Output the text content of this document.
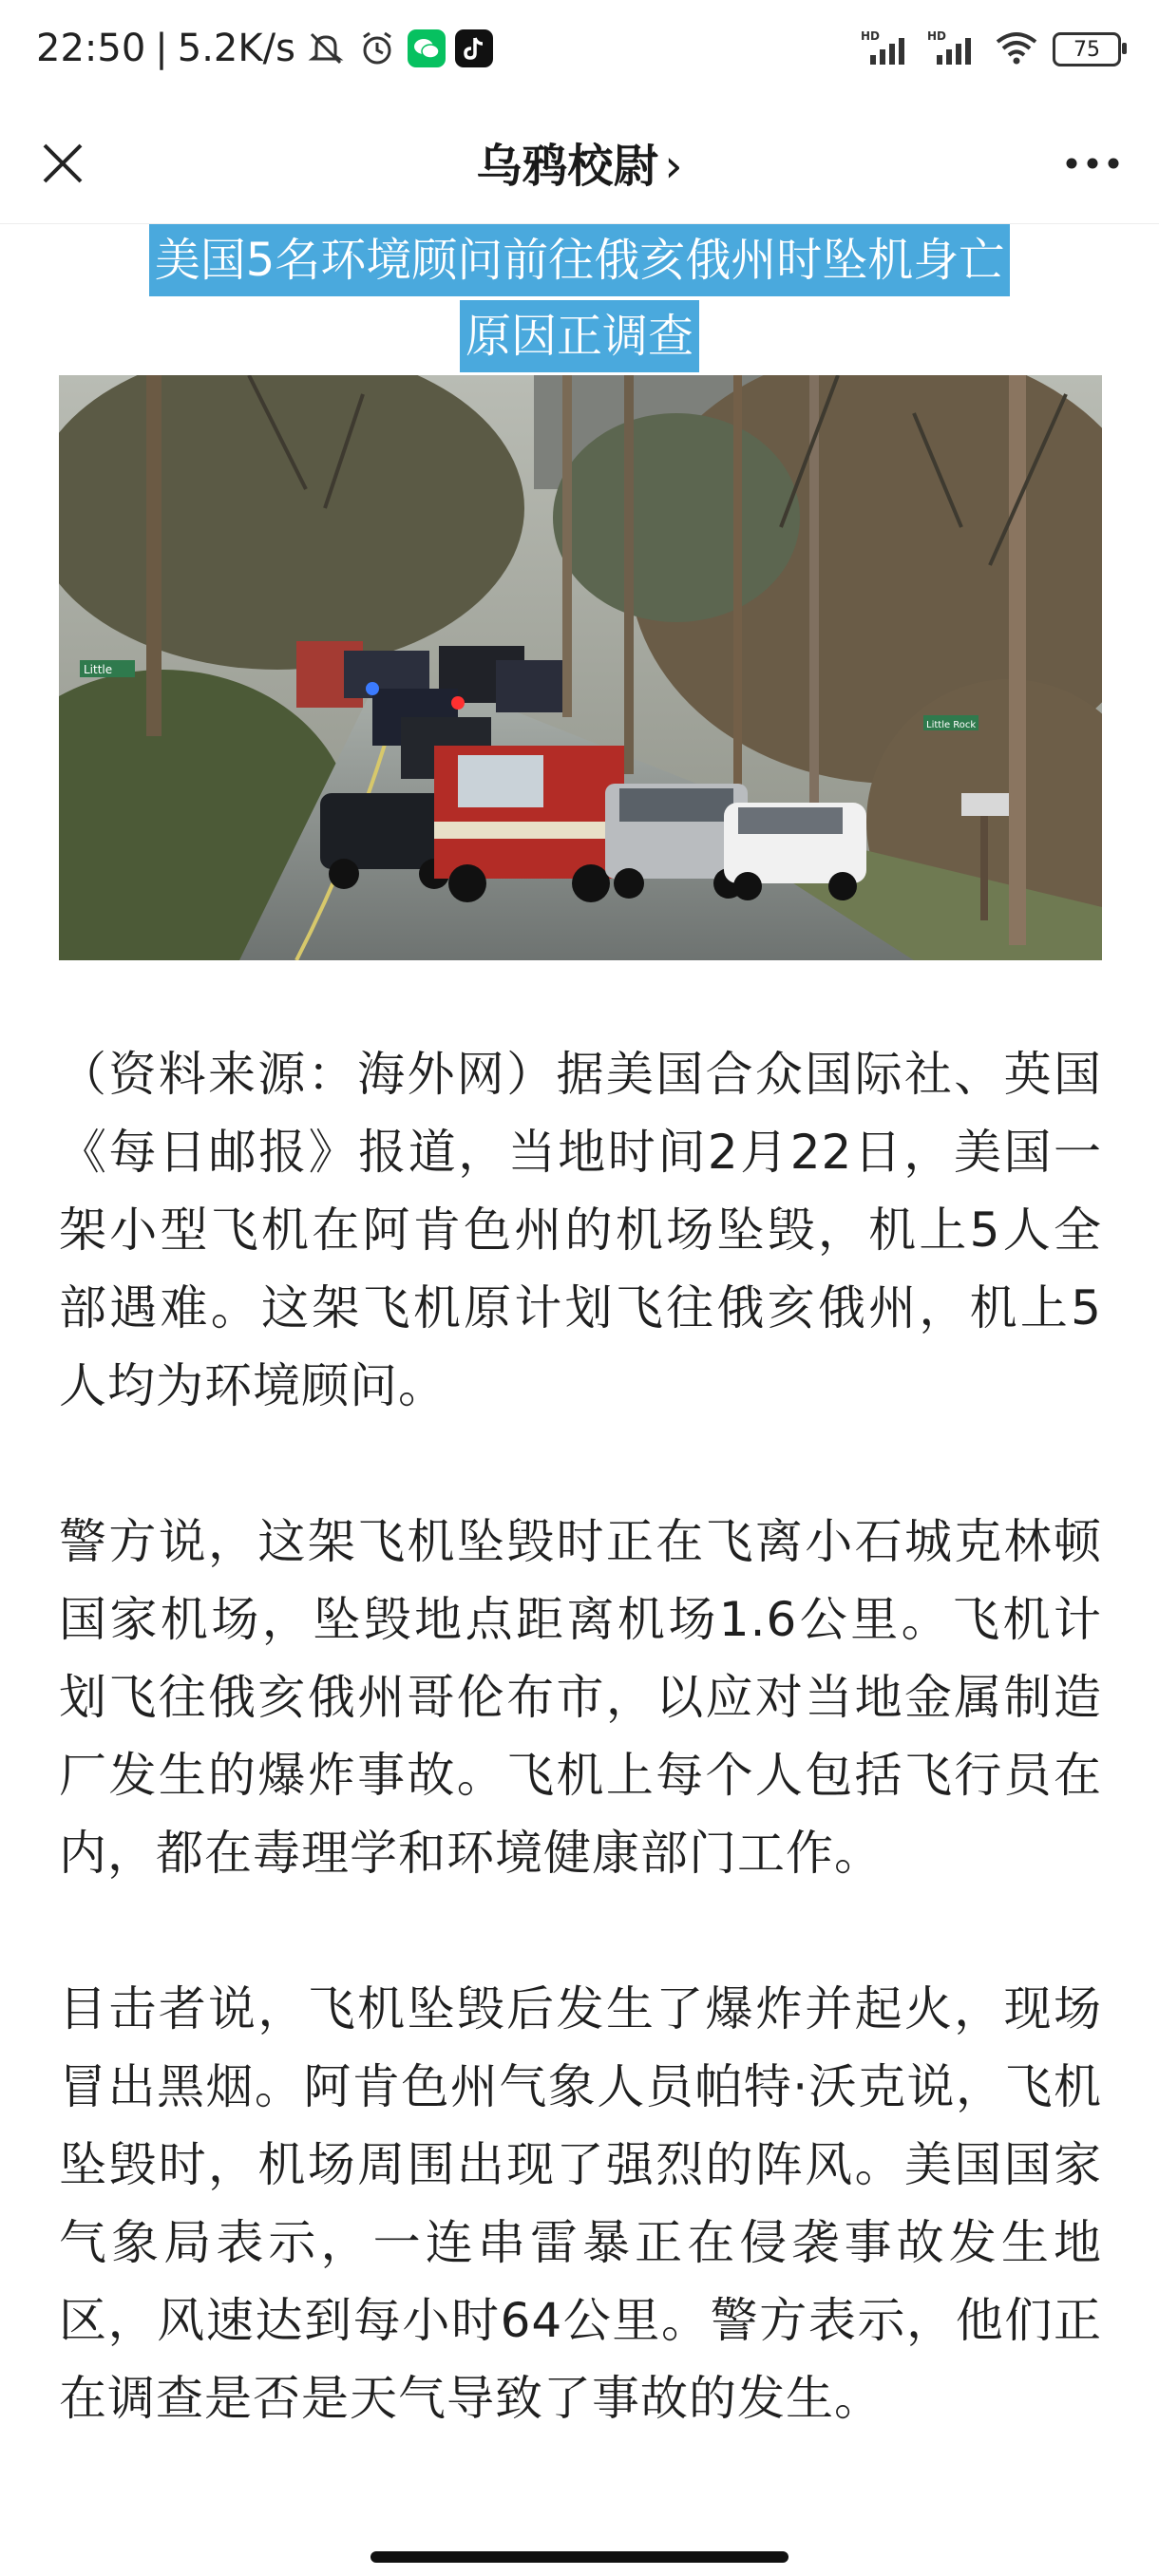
22:50 | 5.2K/s	HD	HD
75
乌鸦校尉 ›
美国5名环境顾问前往俄亥俄州时坠机身亡
原因正调查
Little
Little Rock

（资料来源：海外网）据美国合众国际社、英国《每日邮报》报道，当地时间2月22日，美国一架小型飞机在阿肯色州的机场坠毁，机上5人全部遇难。这架飞机原计划飞往俄亥俄州，机上5人均为环境顾问。

警方说，这架飞机坠毁时正在飞离小石城克林顿国家机场，坠毁地点距离机场1.6公里。飞机计划飞往俄亥俄州哥伦布市，以应对当地金属制造厂发生的爆炸事故。飞机上每个人包括飞行员在内，都在毒理学和环境健康部门工作。

目击者说，飞机坠毁后发生了爆炸并起火，现场冒出黑烟。阿肯色州气象人员帕特·沃克说，飞机坠毁时，机场周围出现了强烈的阵风。美国国家气象局表示，一连串雷暴正在侵袭事故发生地区，风速达到每小时64公里。警方表示，他们正在调查是否是天气导致了事故的发生。
